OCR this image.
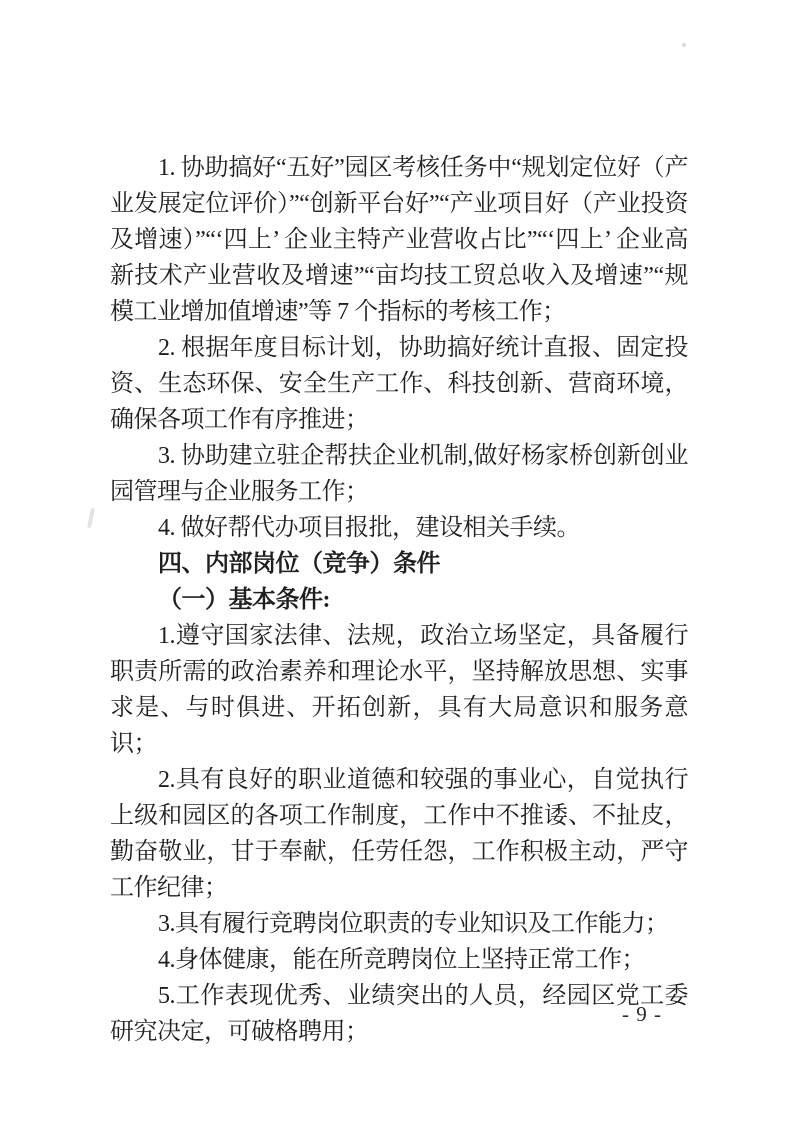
1. 协助搞好“五好”园区考核任务中“规划定位好（产业发展定位评价）”“创新平台好”“产业项目好（产业投资及增速）”“‘四上’ 企业主特产业营收占比”“‘四上’ 企业高新技术产业营收及增速”“亩均技工贸总收入及增速”“规模工业增加值增速”等 7 个指标的考核工作；

2. 根据年度目标计划，协助搞好统计直报、固定投资、生态环保、安全生产工作、科技创新、营商环境，确保各项工作有序推进；

3. 协助建立驻企帮扶企业机制,做好杨家桥创新创业园管理与企业服务工作；

4. 做好帮代办项目报批，建设相关手续。

四、内部岗位（竞争）条件

（一）基本条件:

1.遵守国家法律、法规，政治立场坚定，具备履行职责所需的政治素养和理论水平，坚持解放思想、实事求是、与时俱进、开拓创新，具有大局意识和服务意识；

2.具有良好的职业道德和较强的事业心，自觉执行上级和园区的各项工作制度，工作中不推诿、不扯皮，勤奋敬业，甘于奉献，任劳任怨，工作积极主动，严守工作纪律；

3.具有履行竞聘岗位职责的专业知识及工作能力；

4.身体健康，能在所竞聘岗位上坚持正常工作；

5.工作表现优秀、业绩突出的人员，经园区党工委研究决定，可破格聘用；

- 9 -
